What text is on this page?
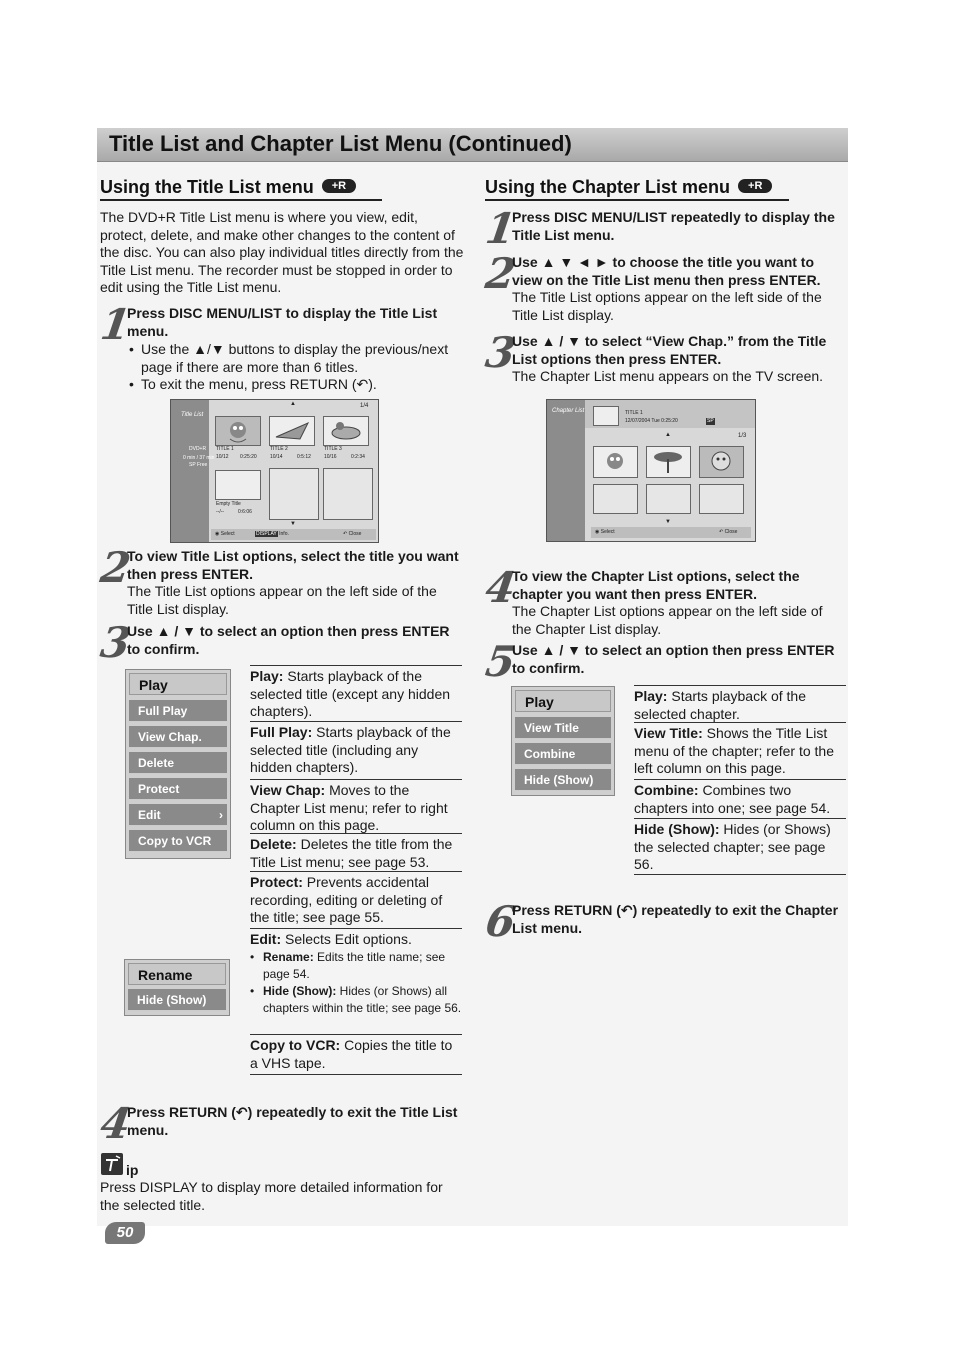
Title List and Chapter List Menu (Continued)
Using the Title List menu +R
The DVD+R Title List menu is where you view, edit, protect, delete, and make other changes to the content of the disc. You can also play individual titles directly from the Title List menu. The recorder must be stopped in order to edit using the Title List menu.
1
Press DISC MENU/LIST to display the Title List menu.
• Use the ▲/▼ buttons to display the previous/next page if there are more than 6 titles.
• To exit the menu, press RETURN (↶).
Title List
1/4
▲
DVD+R
0 min / 37 min
SP Free
TITLE 1
10/12 0:25:20
TITLE 2
10/14	0:5:12
TITLE 3
10/16	0:2:34
Empty Title
--/--	0:6:06
▼
◉ Select	DISPLAY Info.	↶ Close
2
To view Title List options, select the title you want then press ENTER.
The Title List options appear on the left side of the Title List display.
3
Use ▲ / ▼ to select an option then press ENTER to confirm.
Play
Full Play
View Chap.
Delete
Protect
Edit	›
Copy to VCR
Rename
Hide (Show)
Play: Starts playback of the selected title (except any hidden chapters).
Full Play: Starts playback of the selected title (including any hidden chapters).
View Chap: Moves to the Chapter List menu; refer to right column on this page.
Delete: Deletes the title from the Title List menu; see page 53.
Protect: Prevents accidental recording, editing or deleting of the title; see page 55.
Edit: Selects Edit options.
• Rename: Edits the title name; see page 54.
• Hide (Show): Hides (or Shows) all chapters within the title; see page 56.
Copy to VCR: Copies the title to a VHS tape.
4
Press RETURN (↶) repeatedly to exit the Title List menu.
ip
Press DISPLAY to display more detailed information for the selected title.
50
Using the Chapter List menu +R
1
Press DISC MENU/LIST repeatedly to display the Title List menu.
2
Use ▲ ▼ ◄ ► to choose the title you want to view on the Title List menu then press ENTER.
The Title List options appear on the left side of the Title List display.
3
Use ▲ / ▼ to select “View Chap.” from the Title List options then press ENTER.
The Chapter List menu appears on the TV screen.
Chapter List	TITLE 1
12/07/2004 Tue 0:25:20	SP
▲	1/3
▼
◉ Select	↶ Close
4
To view the Chapter List options, select the chapter you want then press ENTER.
The Chapter List options appear on the left side of the Chapter List display.
5
Use ▲ / ▼ to select an option then press ENTER to confirm.
Play
View Title
Combine
Hide (Show)
Play: Starts playback of the selected chapter.
View Title: Shows the Title List menu of the chapter; refer to the left column on this page.
Combine: Combines two chapters into one; see page 54.
Hide (Show): Hides (or Shows) the selected chapter; see page 56.
6
Press RETURN (↶) repeatedly to exit the Chapter List menu.
